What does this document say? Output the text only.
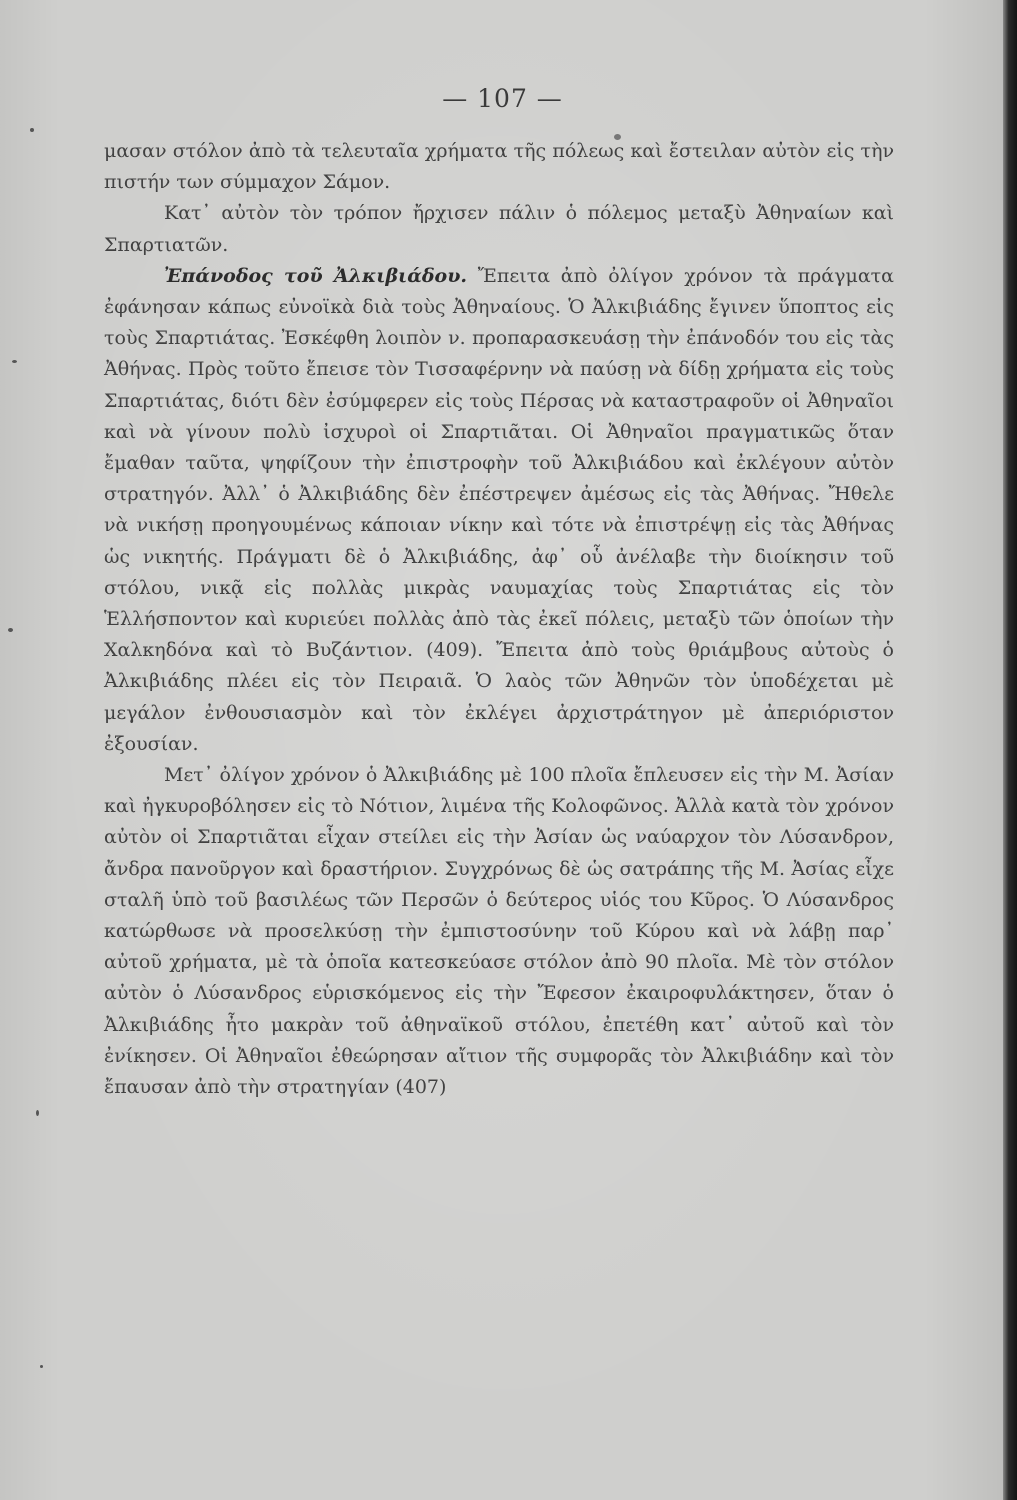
— 107 —

μασαν στόλον ἀπὸ τὰ τελευταῖα χρήματα τῆς πόλεως καὶ ἔστειλαν αὐτὸν εἰς τὴν πιστήν των σύμμαχον Σάμον.

Κατ᾿ αὐτὸν τὸν τρόπον ἤρχισεν πάλιν ὁ πόλεμος μεταξὺ Ἀθηναίων καὶ Σπαρτιατῶν.

Ἐπάνοδος τοῦ Ἀλκιβιάδου. Ἔπειτα ἀπὸ ὀλίγον χρόνον τὰ πράγματα ἐφάνησαν κάπως εὐνοϊκὰ διὰ τοὺς Ἀθηναίους. Ὁ Ἀλκιβιάδης ἔγινεν ὕποπτος εἰς τοὺς Σπαρτιάτας. Ἐσκέφθη λοιπὸν ν. προπαρασκευάσῃ τὴν ἐπάνοδόν του εἰς τὰς Ἀθήνας. Πρὸς τοῦτο ἔπεισε τὸν Τισσαφέρνην νὰ παύσῃ νὰ δίδῃ χρήματα εἰς τοὺς Σπαρτιάτας, διότι δὲν ἐσύμφερεν εἰς τοὺς Πέρσας νὰ καταστραφοῦν οἱ Ἀθηναῖοι καὶ νὰ γίνουν πολὺ ἰσχυροὶ οἱ Σπαρτιᾶται. Οἱ Ἀθηναῖοι πραγματικῶς ὅταν ἔμαθαν ταῦτα, ψηφίζουν τὴν ἐπιστροφὴν τοῦ Ἀλκιβιάδου καὶ ἐκλέγουν αὐτὸν στρατηγόν. Ἀλλ᾿ ὁ Ἀλκιβιάδης δὲν ἐπέστρεψεν ἀμέσως εἰς τὰς Ἀθήνας. Ἤθελε νὰ νικήσῃ προηγουμένως κάποιαν νίκην καὶ τότε νὰ ἐπιστρέψῃ εἰς τὰς Ἀθήνας ὡς νικητής. Πράγματι δὲ ὁ Ἀλκιβιάδης, ἀφ᾿ οὗ ἀνέλαβε τὴν διοίκησιν τοῦ στόλου, νικᾷ εἰς πολλὰς μικρὰς ναυμαχίας τοὺς Σπαρτιάτας εἰς τὸν Ἑλλήσποντον καὶ κυριεύει πολλὰς ἀπὸ τὰς ἐκεῖ πόλεις, μεταξὺ τῶν ὁποίων τὴν Χαλκηδόνα καὶ τὸ Βυζάντιον. (409). Ἔπειτα ἀπὸ τοὺς θριάμβους αὐτοὺς ὁ Ἀλκιβιάδης πλέει εἰς τὸν Πειραιᾶ. Ὁ λαὸς τῶν Ἀθηνῶν τὸν ὑποδέχεται μὲ μεγάλον ἐνθουσιασμὸν καὶ τὸν ἐκλέγει ἀρχιστράτηγον μὲ ἀπεριόριστον ἐξουσίαν.

Μετ᾿ ὀλίγον χρόνον ὁ Ἀλκιβιάδης μὲ 100 πλοῖα ἔπλευσεν εἰς τὴν Μ. Ἀσίαν καὶ ἠγκυροβόλησεν εἰς τὸ Νότιον, λιμένα τῆς Κολοφῶνος. Ἀλλὰ κατὰ τὸν χρόνον αὐτὸν οἱ Σπαρτιᾶται εἶχαν στείλει εἰς τὴν Ἀσίαν ὡς ναύαρχον τὸν Λύσανδρον, ἄνδρα πανοῦργον καὶ δραστήριον. Συγχρόνως δὲ ὡς σατράπης τῆς Μ. Ἀσίας εἶχε σταλῆ ὑπὸ τοῦ βασιλέως τῶν Περσῶν ὁ δεύτερος υἱός του Κῦρος. Ὁ Λύσανδρος κατώρθωσε νὰ προσελκύσῃ τὴν ἐμπιστοσύνην τοῦ Κύρου καὶ νὰ λάβῃ παρ᾿ αὐτοῦ χρήματα, μὲ τὰ ὁποῖα κατεσκεύασε στόλον ἀπὸ 90 πλοῖα. Μὲ τὸν στόλον αὐτὸν ὁ Λύσανδρος εὑρισκόμενος εἰς τὴν Ἔφεσον ἐκαιροφυλάκτησεν, ὅταν ὁ Ἀλκιβιάδης ἦτο μακρὰν τοῦ ἀθηναϊκοῦ στόλου, ἐπετέθη κατ᾿ αὐτοῦ καὶ τὸν ἐνίκησεν. Οἱ Ἀθηναῖοι ἐθεώρησαν αἴτιον τῆς συμφορᾶς τὸν Ἀλκιβιάδην καὶ τὸν ἔπαυσαν ἀπὸ τὴν στρατηγίαν (407)
